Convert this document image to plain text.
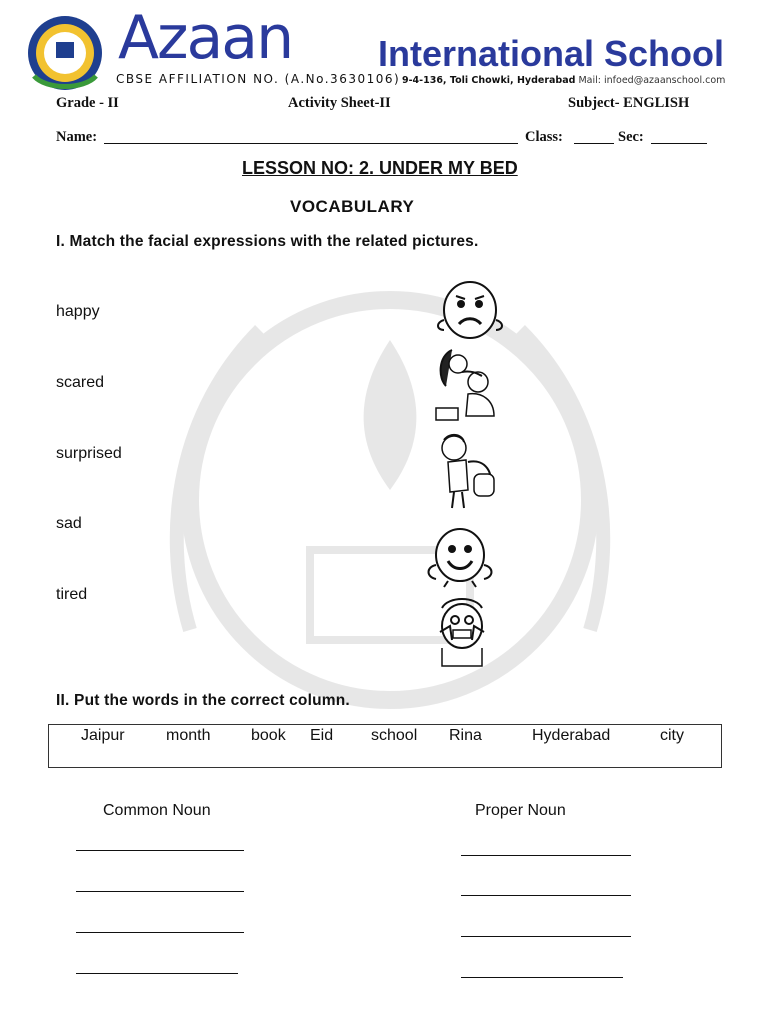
Azaan International School
CBSE AFFILIATION NO. (A.No.3630106) 9-4-136, Toli Chowki, Hyderabad Mail: infoed@azaanschool.com
Grade - II	Activity Sheet-II	Subject- ENGLISH
Name:	Class:	Sec:
LESSON NO: 2. UNDER MY BED
VOCABULARY
I. Match the facial expressions with the related pictures.
happy
scared
surprised
sad
tired
II. Put the words in the correct column.
Jaipur	month	book Eid school Rina	Hyderabad	city
Common Noun	Proper Noun
